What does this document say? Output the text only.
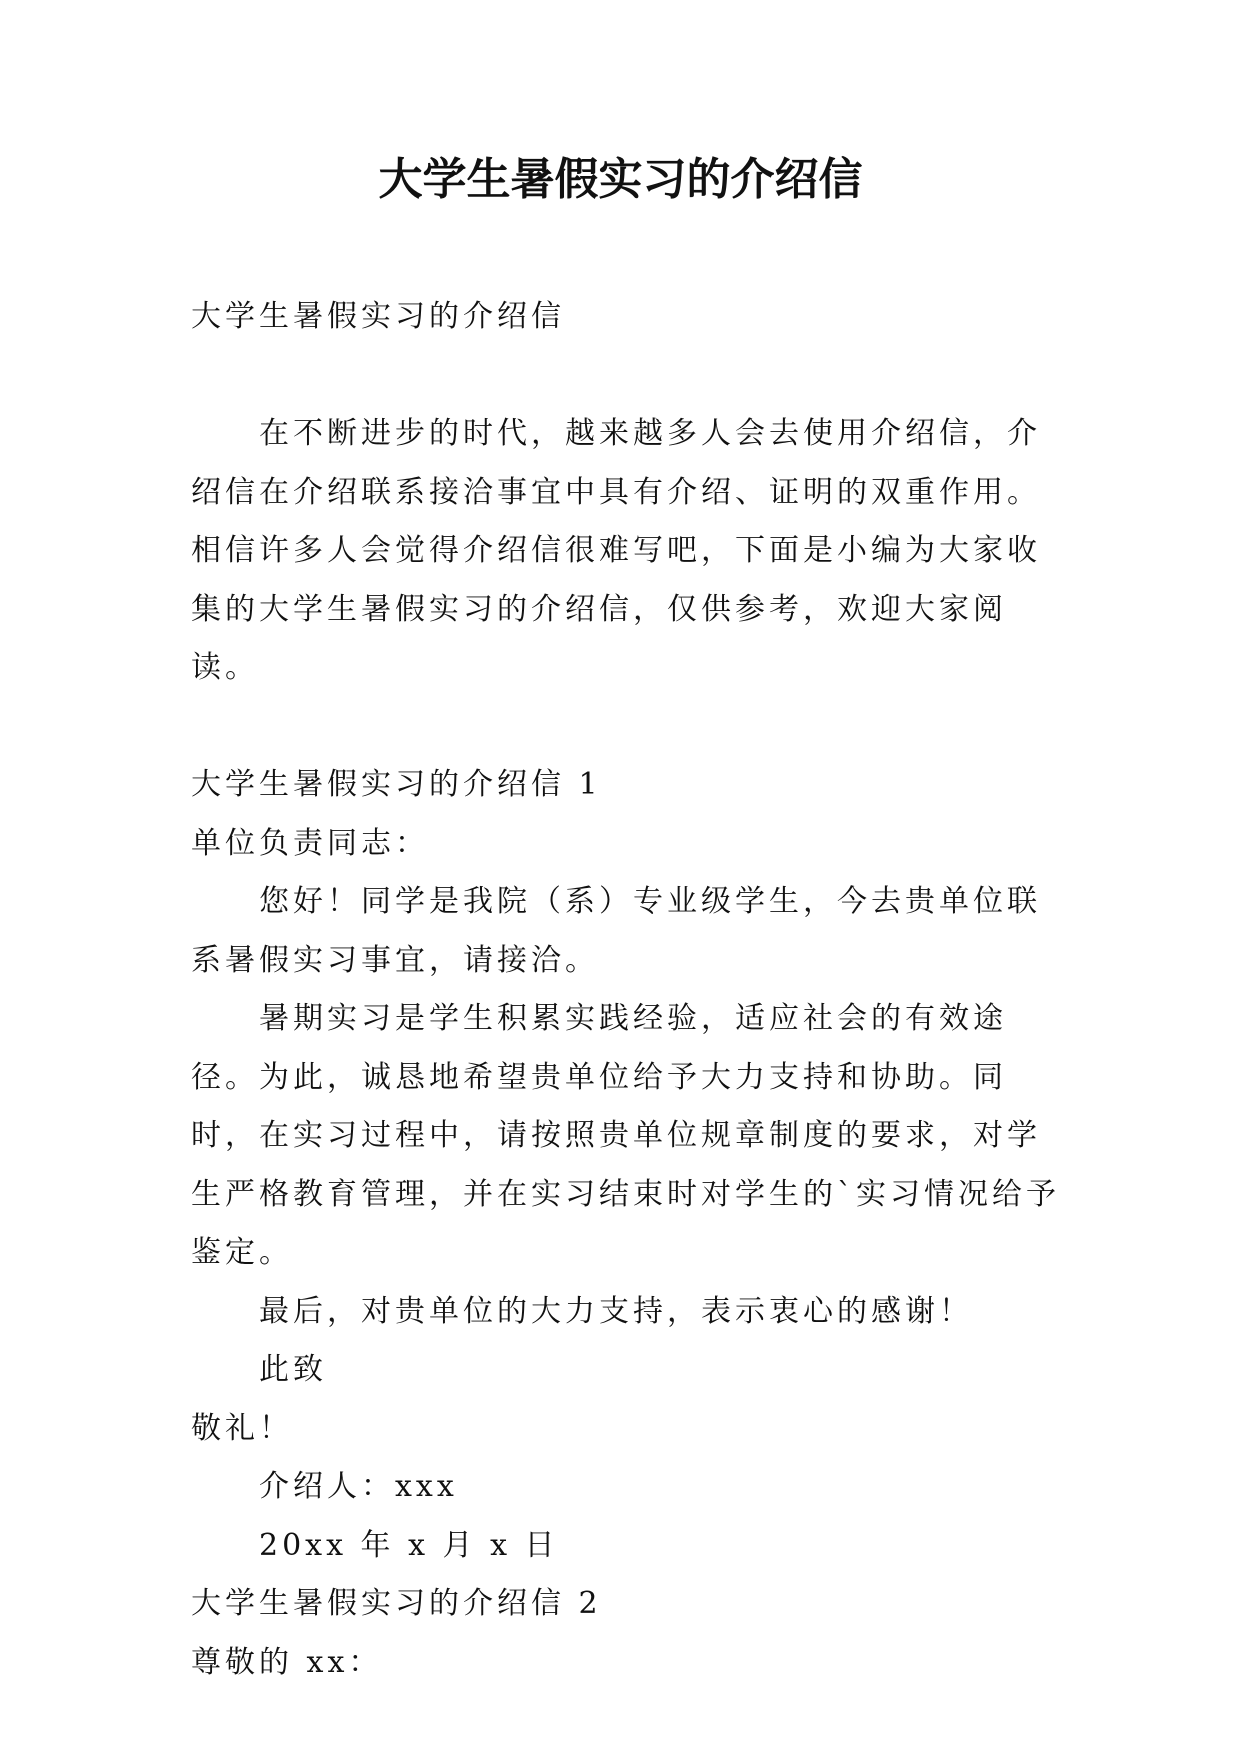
大学生暑假实习的介绍信

大学生暑假实习的介绍信

在不断进步的时代，越来越多人会去使用介绍信，介绍信在介绍联系接洽事宜中具有介绍、证明的双重作用。相信许多人会觉得介绍信很难写吧，下面是小编为大家收集的大学生暑假实习的介绍信，仅供参考，欢迎大家阅读。

大学生暑假实习的介绍信 1

单位负责同志：

您好！同学是我院（系）专业级学生，今去贵单位联系暑假实习事宜，请接洽。

暑期实习是学生积累实践经验，适应社会的有效途径。为此，诚恳地希望贵单位给予大力支持和协助。同时，在实习过程中，请按照贵单位规章制度的要求，对学生严格教育管理，并在实习结束时对学生的`实习情况给予鉴定。

最后，对贵单位的大力支持，表示衷心的感谢！

此致

敬礼！

介绍人：xxx

20xx 年 x 月 x 日

大学生暑假实习的介绍信 2

尊敬的 xx：
